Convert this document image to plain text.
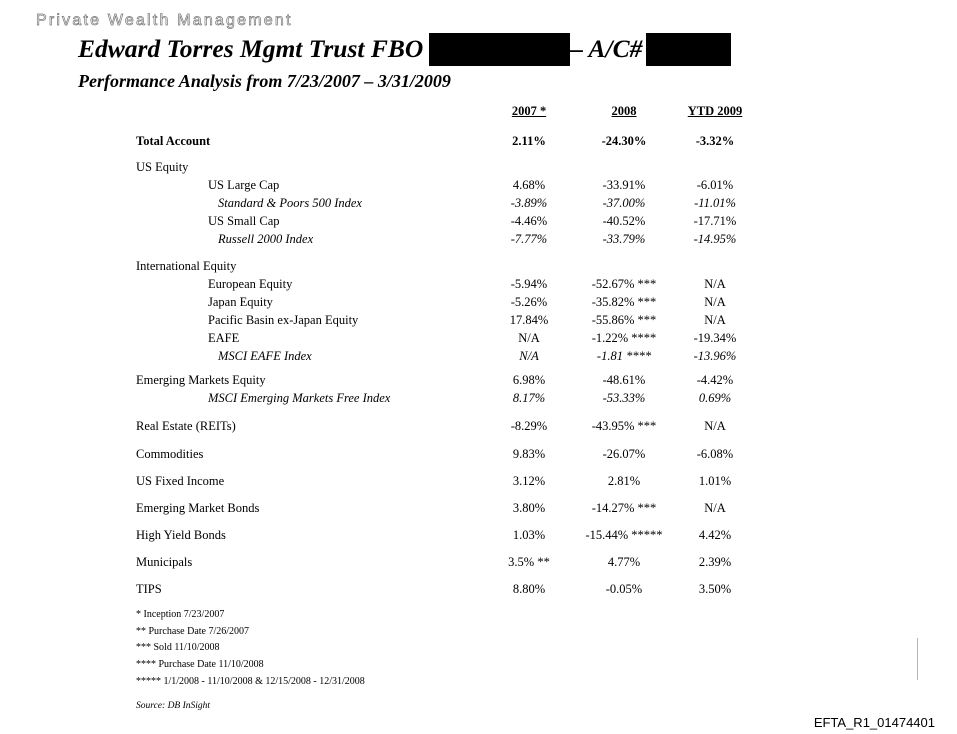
Private Wealth Management
Edward Torres Mgmt Trust FBO	– A/C#
Performance Analysis from 7/23/2007 – 3/31/2009
2007 *	2008	YTD 2009
Total Account	2.11%	-24.30%	-3.32%
US Equity
US Large Cap	4.68%	-33.91%	-6.01%
Standard & Poors 500 Index	-3.89%	-37.00%	-11.01%
US Small Cap	-4.46%	-40.52%	-17.71%
Russell 2000 Index	-7.77%	-33.79%	-14.95%
International Equity
European Equity	-5.94%	-52.67% ***	N/A
Japan Equity	-5.26%	-35.82% ***	N/A
Pacific Basin ex-Japan Equity	17.84%	-55.86% ***	N/A
EAFE	N/A	-1.22% ****	-19.34%
MSCI EAFE Index	N/A	-1.81 ****	-13.96%
Emerging Markets Equity	6.98%	-48.61%	-4.42%
MSCI Emerging Markets Free Index	8.17%	-53.33%	0.69%
Real Estate (REITs)	-8.29%	-43.95% ***	N/A
Commodities	9.83%	-26.07%	-6.08%
US Fixed Income	3.12%	2.81%	1.01%
Emerging Market Bonds	3.80%	-14.27% ***	N/A
High Yield Bonds	1.03%	-15.44% *****	4.42%
Municipals	3.5% **	4.77%	2.39%
TIPS	8.80%	-0.05%	3.50%
* Inception 7/23/2007
** Purchase Date 7/26/2007
*** Sold 11/10/2008
**** Purchase Date 11/10/2008
***** 1/1/2008 - 11/10/2008 & 12/15/2008 - 12/31/2008
Source: DB InSight
EFTA_R1_01474401
